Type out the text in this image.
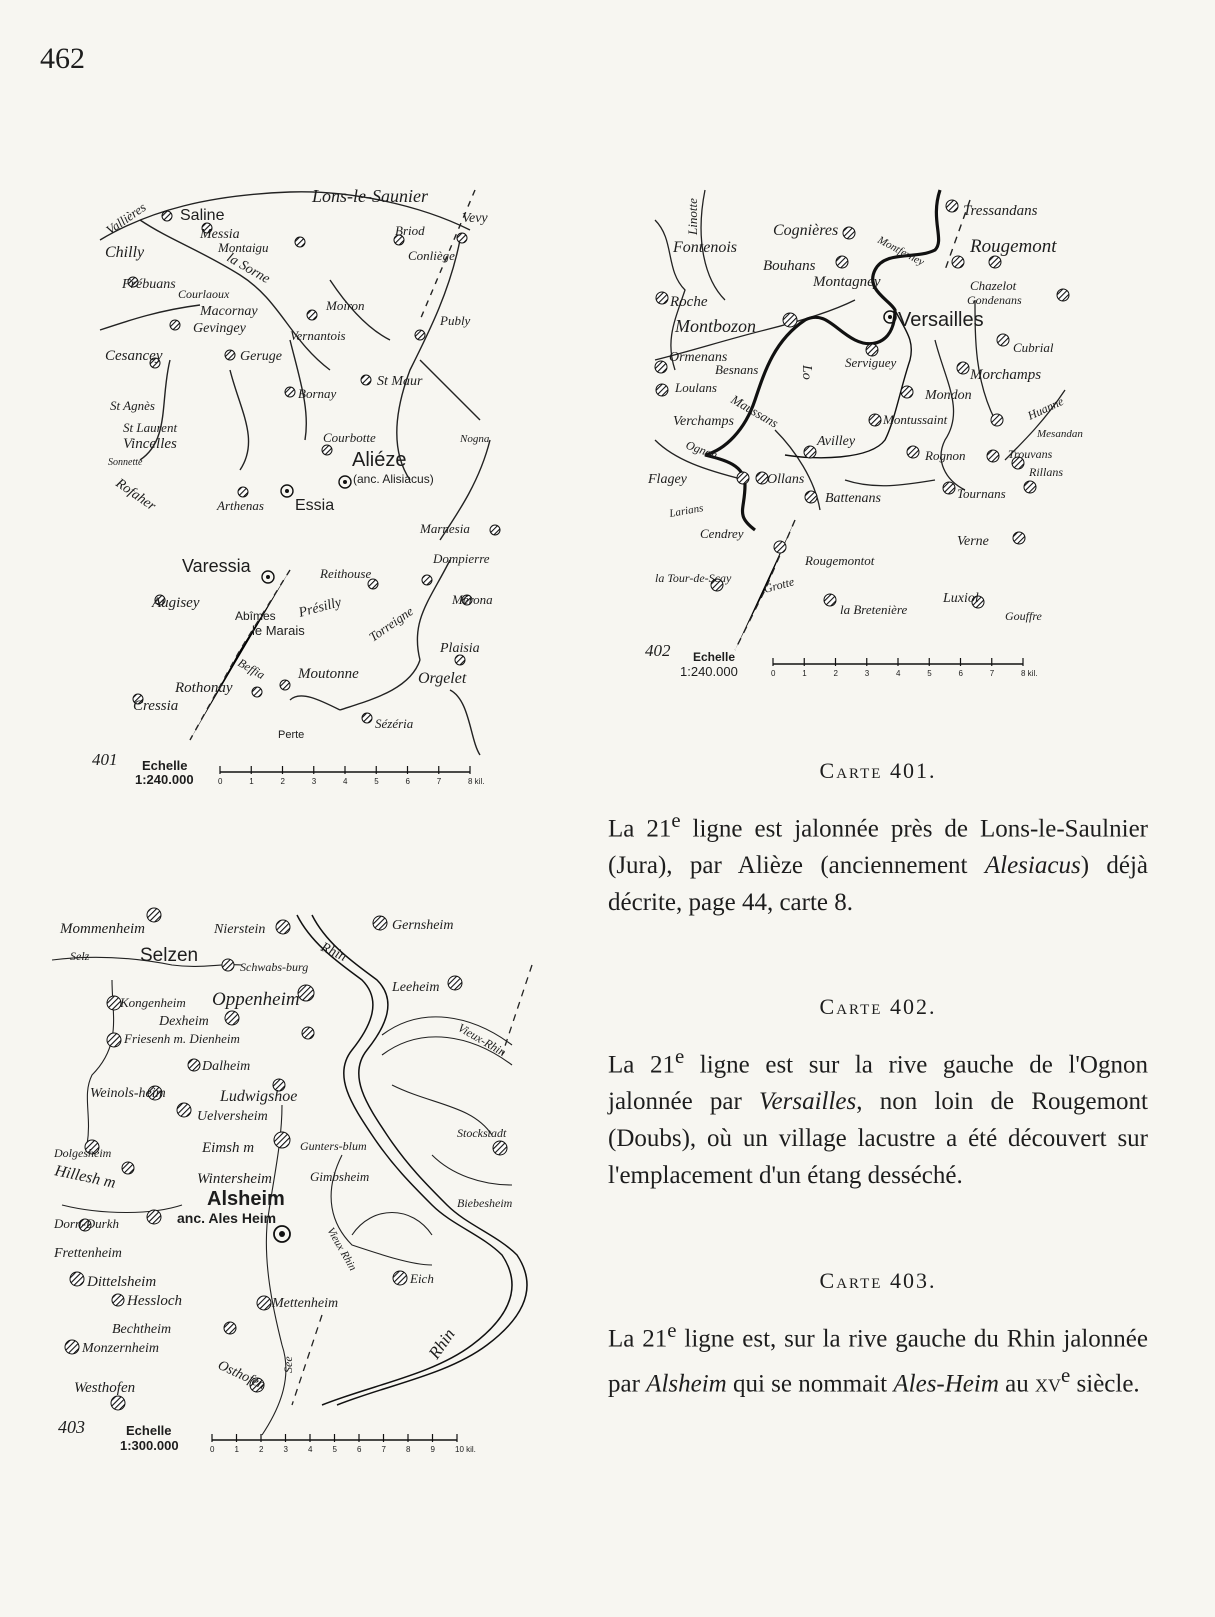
462
Lons-le-Saunier
Vallières Saline
Messia
Montaigu
Chilly	la Sorne
Vevy
Briod
Conliège
Frébuans
Courlaoux
Macornay	Moiron
Publy
Gevingey	Vernantois
Cesancey	Geruge
St Agnès
Bornay
St Maur
St Laurent
Vincelles
Sonnette
Courbotte	Nogna
Aliéze
(anc. Alisiacus)
Arthenas Essia
Rofaher
Marnesia
Varessia	Reithouse
Dompierre
Augisey
Abîmes Présilly	Mérona
le Marais	Torreigne
Plaisia
Beffia Moutonne	Orgelet
Rothonay
Cressia
Perte
Sézéria
401 Echelle
1:240.000	0	1	2	3	4	5	6	7	8 kil.
Linotte	Tressandans
Cognières
Fontenois	Montferney Rougemont
Bouhans
Montagney	Chazelot
Gondenans
Roche
Montbozon	Versailles
Cubrial
Ormenans
Besnans	Serviguey
Loulans
Morchamps
Mondon
Maussans
Verchamps	Montussaint	Huanne
Mesandan
Avilley
Ognon	Rognon	Trouvans
Rillans
Flagey	Ollans
Larians
Battenans	Tournans
Cendrey
Verne
Rougemontot
la Tour-de-Scay	Grotte
Luxiol
la Bretenière	Gouffre
Lo
402 Echelle
1:240.000	0	1	2	3	4	5	6	7	8 kil.
Mommenheim	Nierstein	Gernsheim
Selz	Selzen
Schwabs-burg
Rhin
Leeheim
Kongenheim Oppenheim
Dexheim
Friesenh m. Dienheim	Vieux-Rhin
Dalheim
Weinols-heim	Ludwigshoe
Uelversheim
Stockstadt
Dolgesheim
Hillesh m
Eimsh m	Gunters-blum
Wintersheim	Gimbsheim
Biebesheim
Alsheim
anc. Ales Heim
Dorn-Durkh
Frettenheim	Vieux Rhin
Eich
Dittelsheim
Hessloch	Mettenheim
Rhin
Bechtheim
Monzernheim
Osthofen See
Westhofen
403	Echelle
1:300.000	0	1	2	3	4	5	6	7	8	9	10 kil.
Carte 401.

La 21e ligne est jalonnée près de Lons-le-Saulnier (Jura), par Alièze (anciennement Alesiacus) déjà décrite, page 44, carte 8.

Carte 402.

La 21e ligne est sur la rive gauche de l'Ognon jalonnée par Versailles, non loin de Rougemont (Doubs), où un village lacustre a été découvert sur l'emplacement d'un étang desséché.

Carte 403.

La 21e ligne est, sur la rive gauche du Rhin jalonnée par Alsheim qui se nommait Ales-Heim au $xv^e$ siècle.
